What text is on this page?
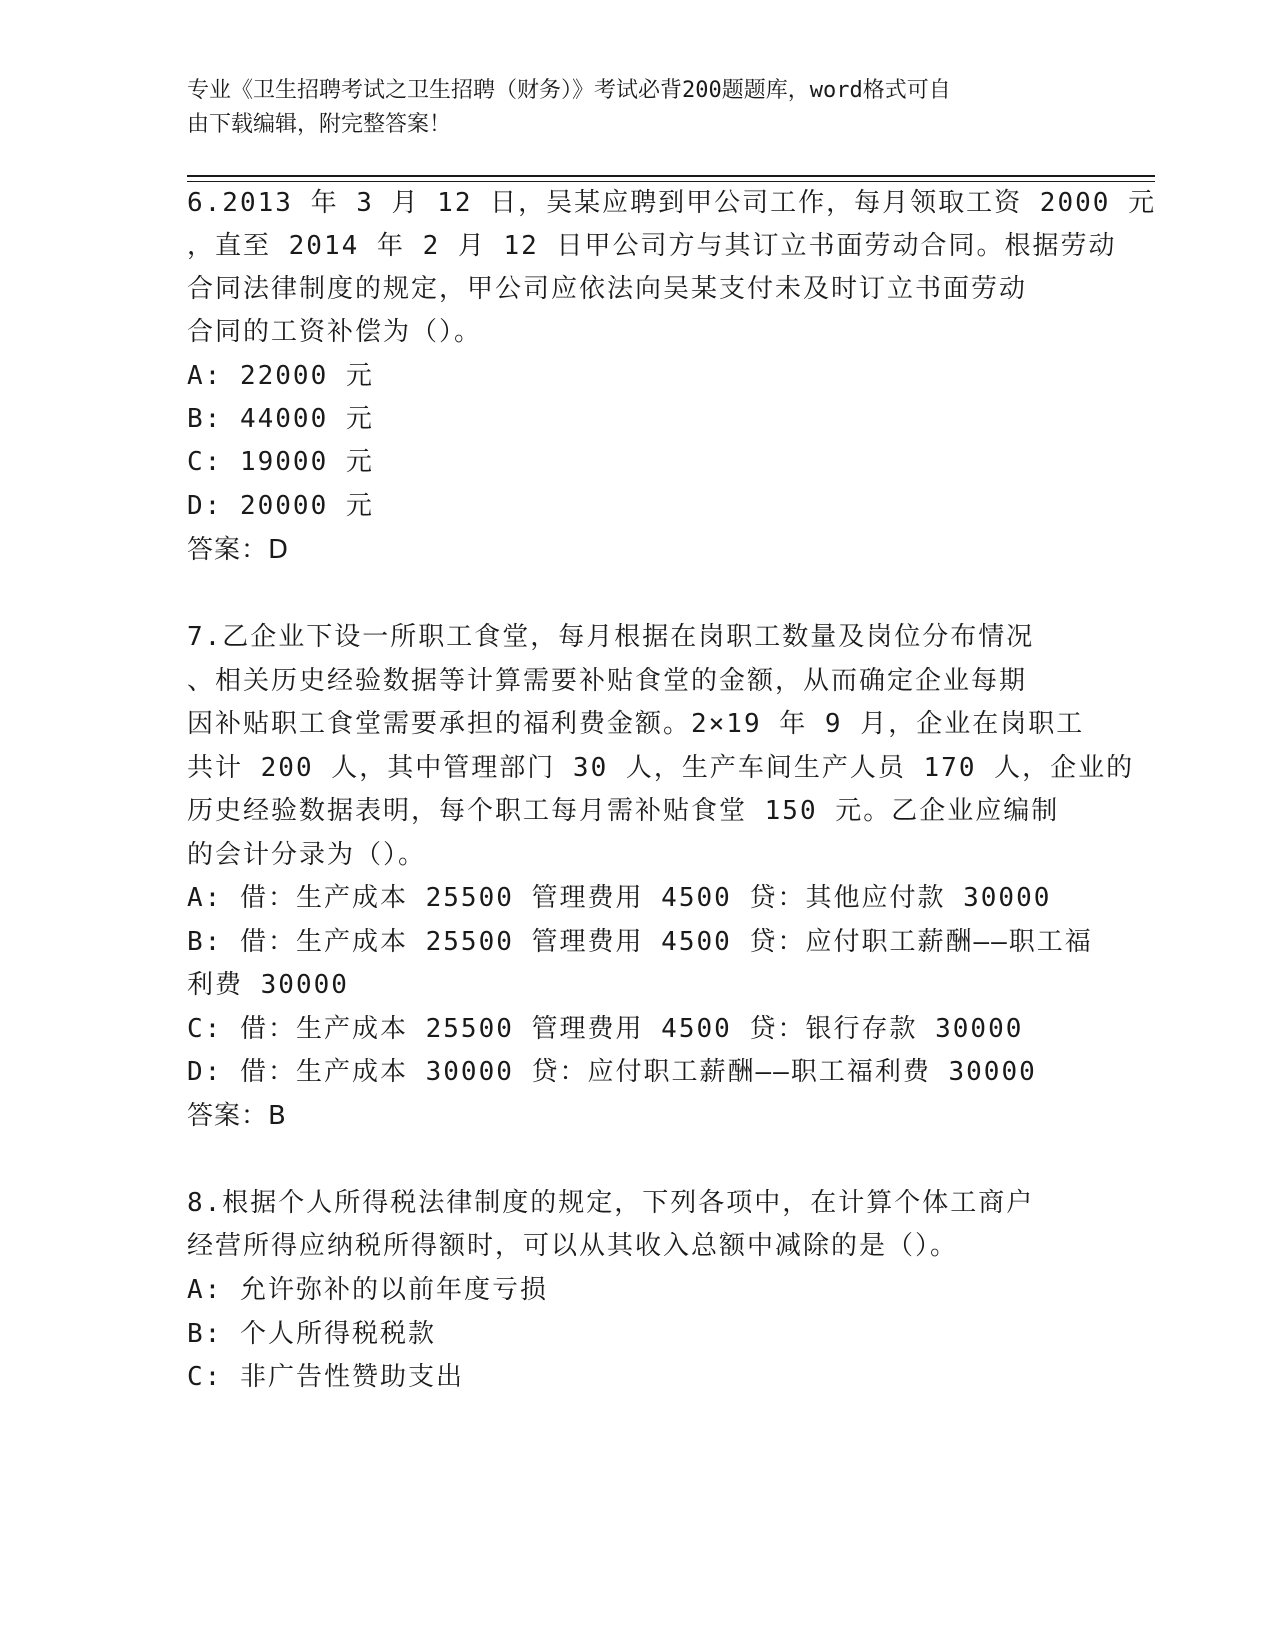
专业《卫生招聘考试之卫生招聘（财务）》考试必背200题题库，word格式可自
由下载编辑，附完整答案！
6.2013 年 3 月 12 日，吴某应聘到甲公司工作，每月领取工资 2000 元
，直至 2014 年 2 月 12 日甲公司方与其订立书面劳动合同。根据劳动
合同法律制度的规定，甲公司应依法向吴某支付未及时订立书面劳动
合同的工资补偿为（）。
A: 22000 元
B: 44000 元
C: 19000 元
D: 20000 元
答案：D
7.乙企业下设一所职工食堂，每月根据在岗职工数量及岗位分布情况
、相关历史经验数据等计算需要补贴食堂的金额，从而确定企业每期
因补贴职工食堂需要承担的福利费金额。2×19 年 9 月，企业在岗职工
共计 200 人，其中管理部门 30 人，生产车间生产人员 170 人，企业的
历史经验数据表明，每个职工每月需补贴食堂 150 元。乙企业应编制
的会计分录为（）。
A: 借：生产成本 25500 管理费用 4500 贷：其他应付款 30000
B: 借：生产成本 25500 管理费用 4500 贷：应付职工薪酬——职工福
利费 30000
C: 借：生产成本 25500 管理费用 4500 贷：银行存款 30000
D: 借：生产成本 30000 贷：应付职工薪酬——职工福利费 30000
答案：B
8.根据个人所得税法律制度的规定，下列各项中，在计算个体工商户
经营所得应纳税所得额时，可以从其收入总额中减除的是（）。
A: 允许弥补的以前年度亏损
B: 个人所得税税款
C: 非广告性赞助支出
